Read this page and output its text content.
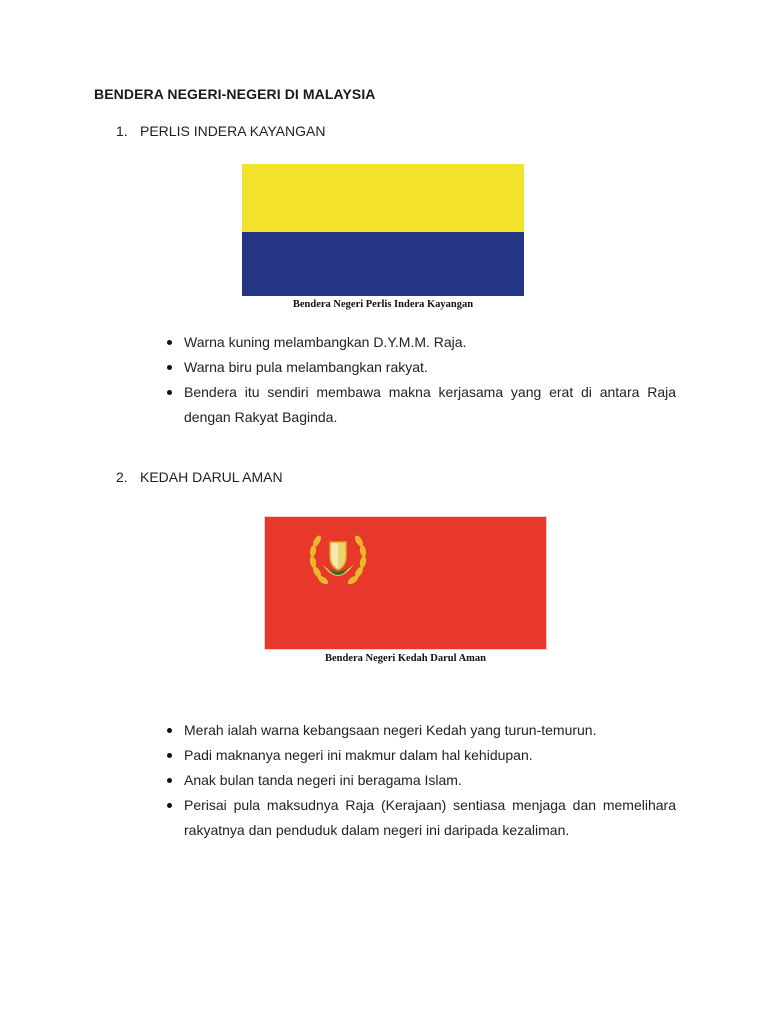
BENDERA NEGERI-NEGERI DI MALAYSIA
1. PERLIS INDERA KAYANGAN
Bendera Negeri Perlis Indera Kayangan
Warna kuning melambangkan D.Y.M.M. Raja.
Warna biru pula melambangkan rakyat.
Bendera itu sendiri membawa makna kerjasama yang erat di antara Raja dengan Rakyat Baginda.
2. KEDAH DARUL AMAN
Bendera Negeri Kedah Darul Aman
Merah ialah warna kebangsaan negeri Kedah yang turun-temurun.
Padi maknanya negeri ini makmur dalam hal kehidupan.
Anak bulan tanda negeri ini beragama Islam.
Perisai pula maksudnya Raja (Kerajaan) sentiasa menjaga dan memelihara rakyatnya dan penduduk dalam negeri ini daripada kezaliman.
